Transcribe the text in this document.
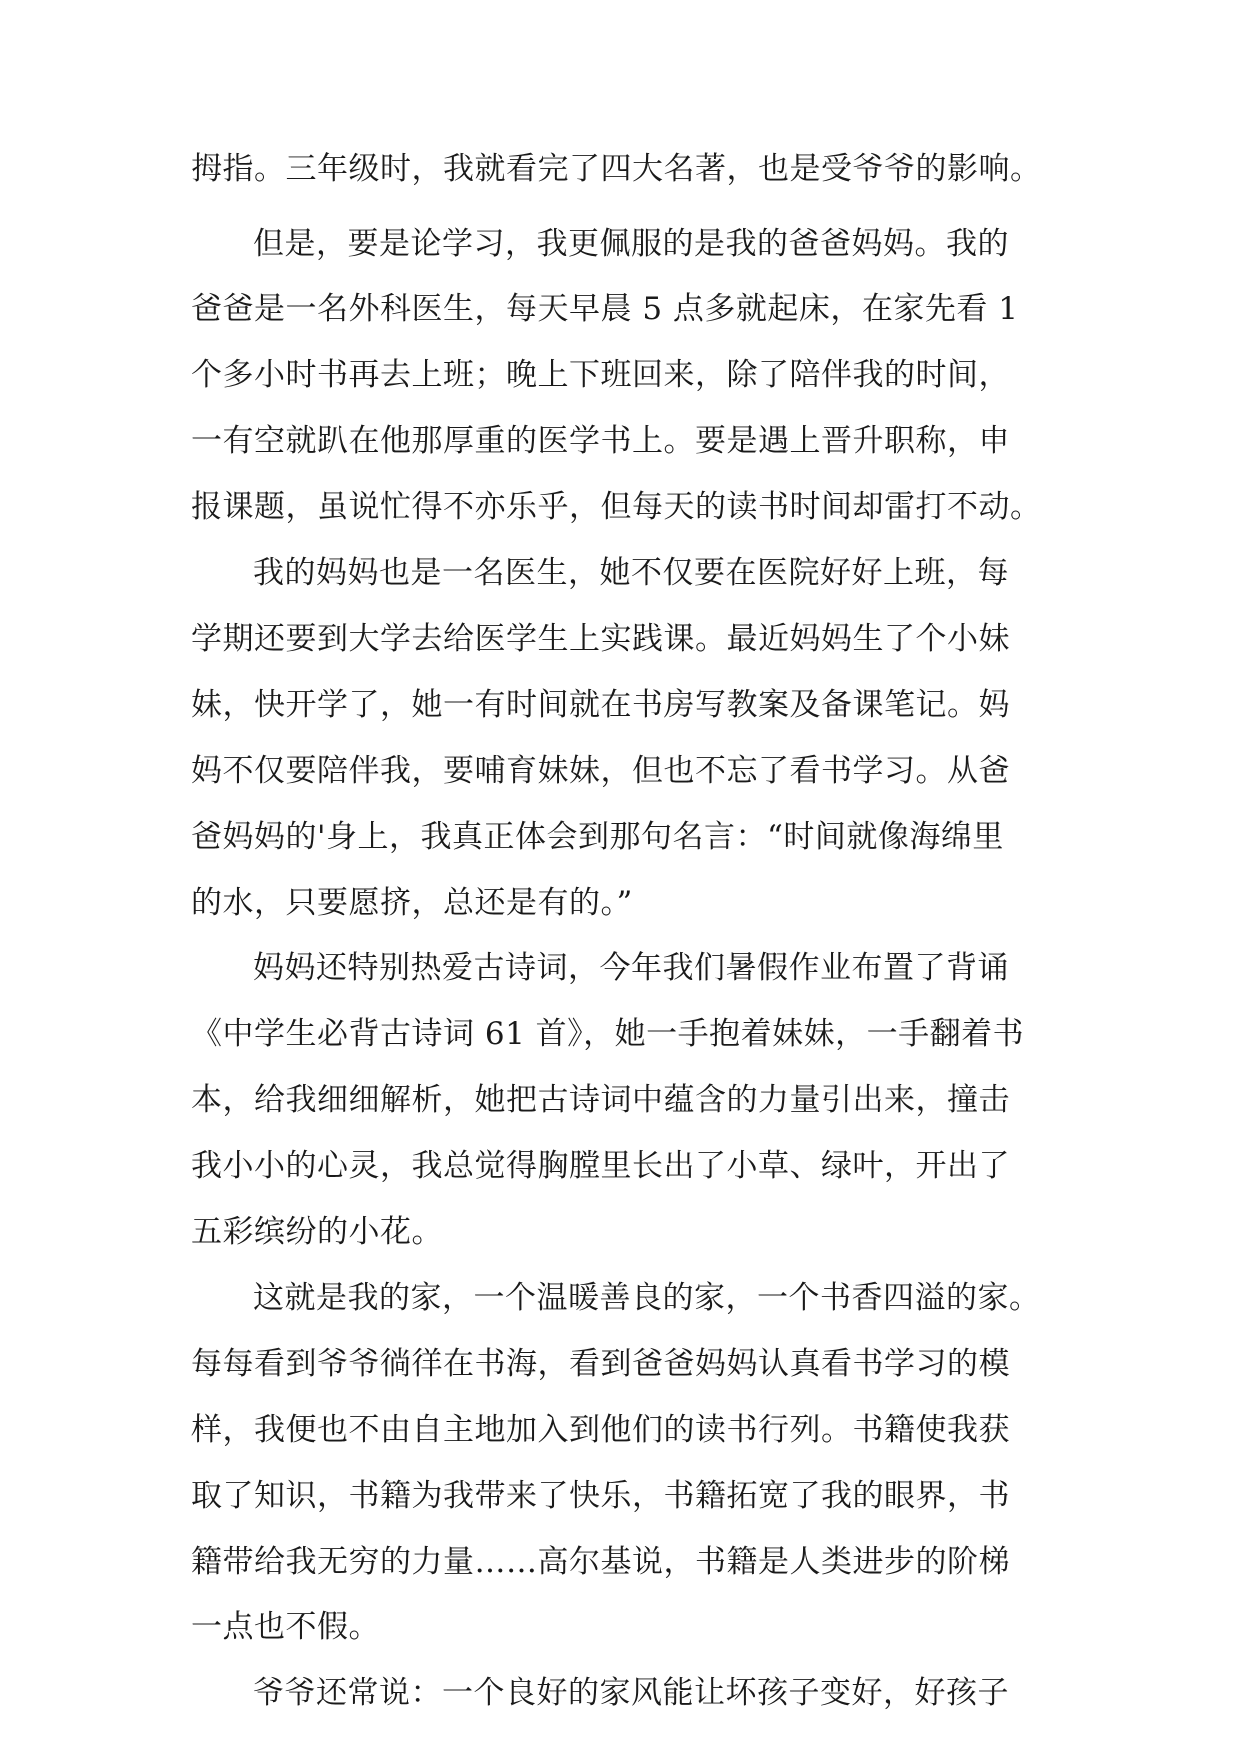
拇指。三年级时，我就看完了四大名著，也是受爷爷的影响。
但是，要是论学习，我更佩服的是我的爸爸妈妈。我的
爸爸是一名外科医生，每天早晨 5 点多就起床，在家先看 1
个多小时书再去上班；晚上下班回来，除了陪伴我的时间，
一有空就趴在他那厚重的医学书上。要是遇上晋升职称，申
报课题，虽说忙得不亦乐乎，但每天的读书时间却雷打不动。
我的妈妈也是一名医生，她不仅要在医院好好上班，每
学期还要到大学去给医学生上实践课。最近妈妈生了个小妹
妹，快开学了，她一有时间就在书房写教案及备课笔记。妈
妈不仅要陪伴我，要哺育妹妹，但也不忘了看书学习。从爸
爸妈妈的'身上，我真正体会到那句名言：“时间就像海绵里
的水，只要愿挤，总还是有的。”
妈妈还特别热爱古诗词，今年我们暑假作业布置了背诵
《中学生必背古诗词 61 首》，她一手抱着妹妹，一手翻着书
本，给我细细解析，她把古诗词中蕴含的力量引出来，撞击
我小小的心灵，我总觉得胸膛里长出了小草、绿叶，开出了
五彩缤纷的小花。
这就是我的家，一个温暖善良的家，一个书香四溢的家。
每每看到爷爷徜徉在书海，看到爸爸妈妈认真看书学习的模
样，我便也不由自主地加入到他们的读书行列。书籍使我获
取了知识，书籍为我带来了快乐，书籍拓宽了我的眼界，书
籍带给我无穷的力量……高尔基说，书籍是人类进步的阶梯
一点也不假。
爷爷还常说：一个良好的家风能让坏孩子变好，好孩子
